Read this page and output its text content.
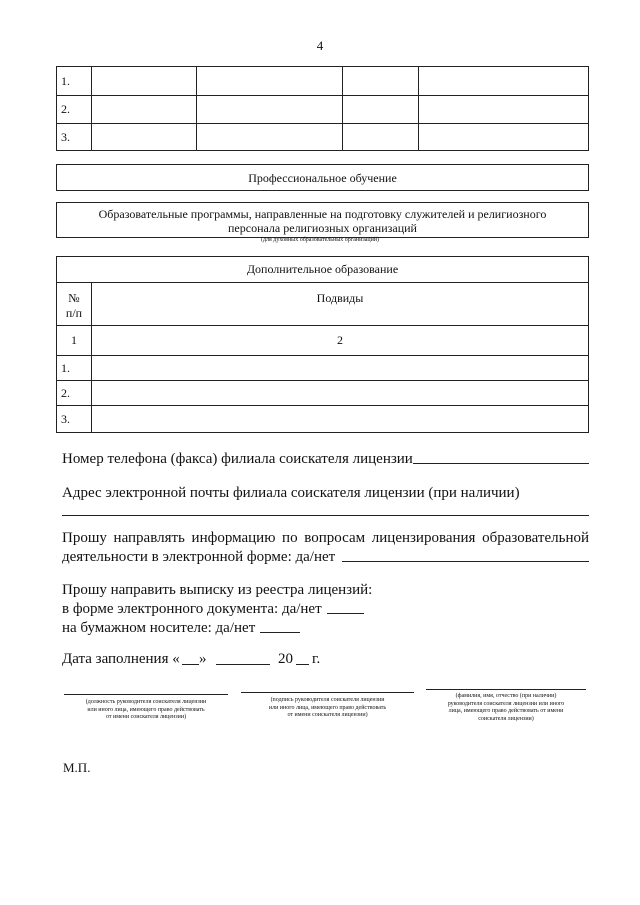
4
1.				
2.				
3.				
Профессиональное обучение
Образовательные программы, направленные на подготовку служителей и религиозного
персонала религиозных организаций
(для духовных образовательных организаций)
Дополнительное образование	

№
п/п	Подвиды
1	2
1.	
2.	
3.	
Номер телефона (факса) филиала соискателя лицензии
Адрес электронной почты филиала соискателя лицензии (при наличии)
Прошу направлять информацию по вопросам лицензирования образовательной
деятельности в электронной форме: да/нет
Прошу направить выписку из реестра лицензий:
в форме электронного документа: да/нет
на бумажном носителе: да/нет
Дата заполнения « »	20 г.
(должность руководителя соискателя лицензии
или иного лица, имеющего право действовать
от имени соискателя лицензии)
(подпись руководителя соискателя лицензии
или иного лица, имеющего право действовать
от имени соискателя лицензии)
(фамилия, имя, отчество (при наличии)
руководителя соискателя лицензии или иного
лица, имеющего право действовать от имени
соискателя лицензии)
М.П.
